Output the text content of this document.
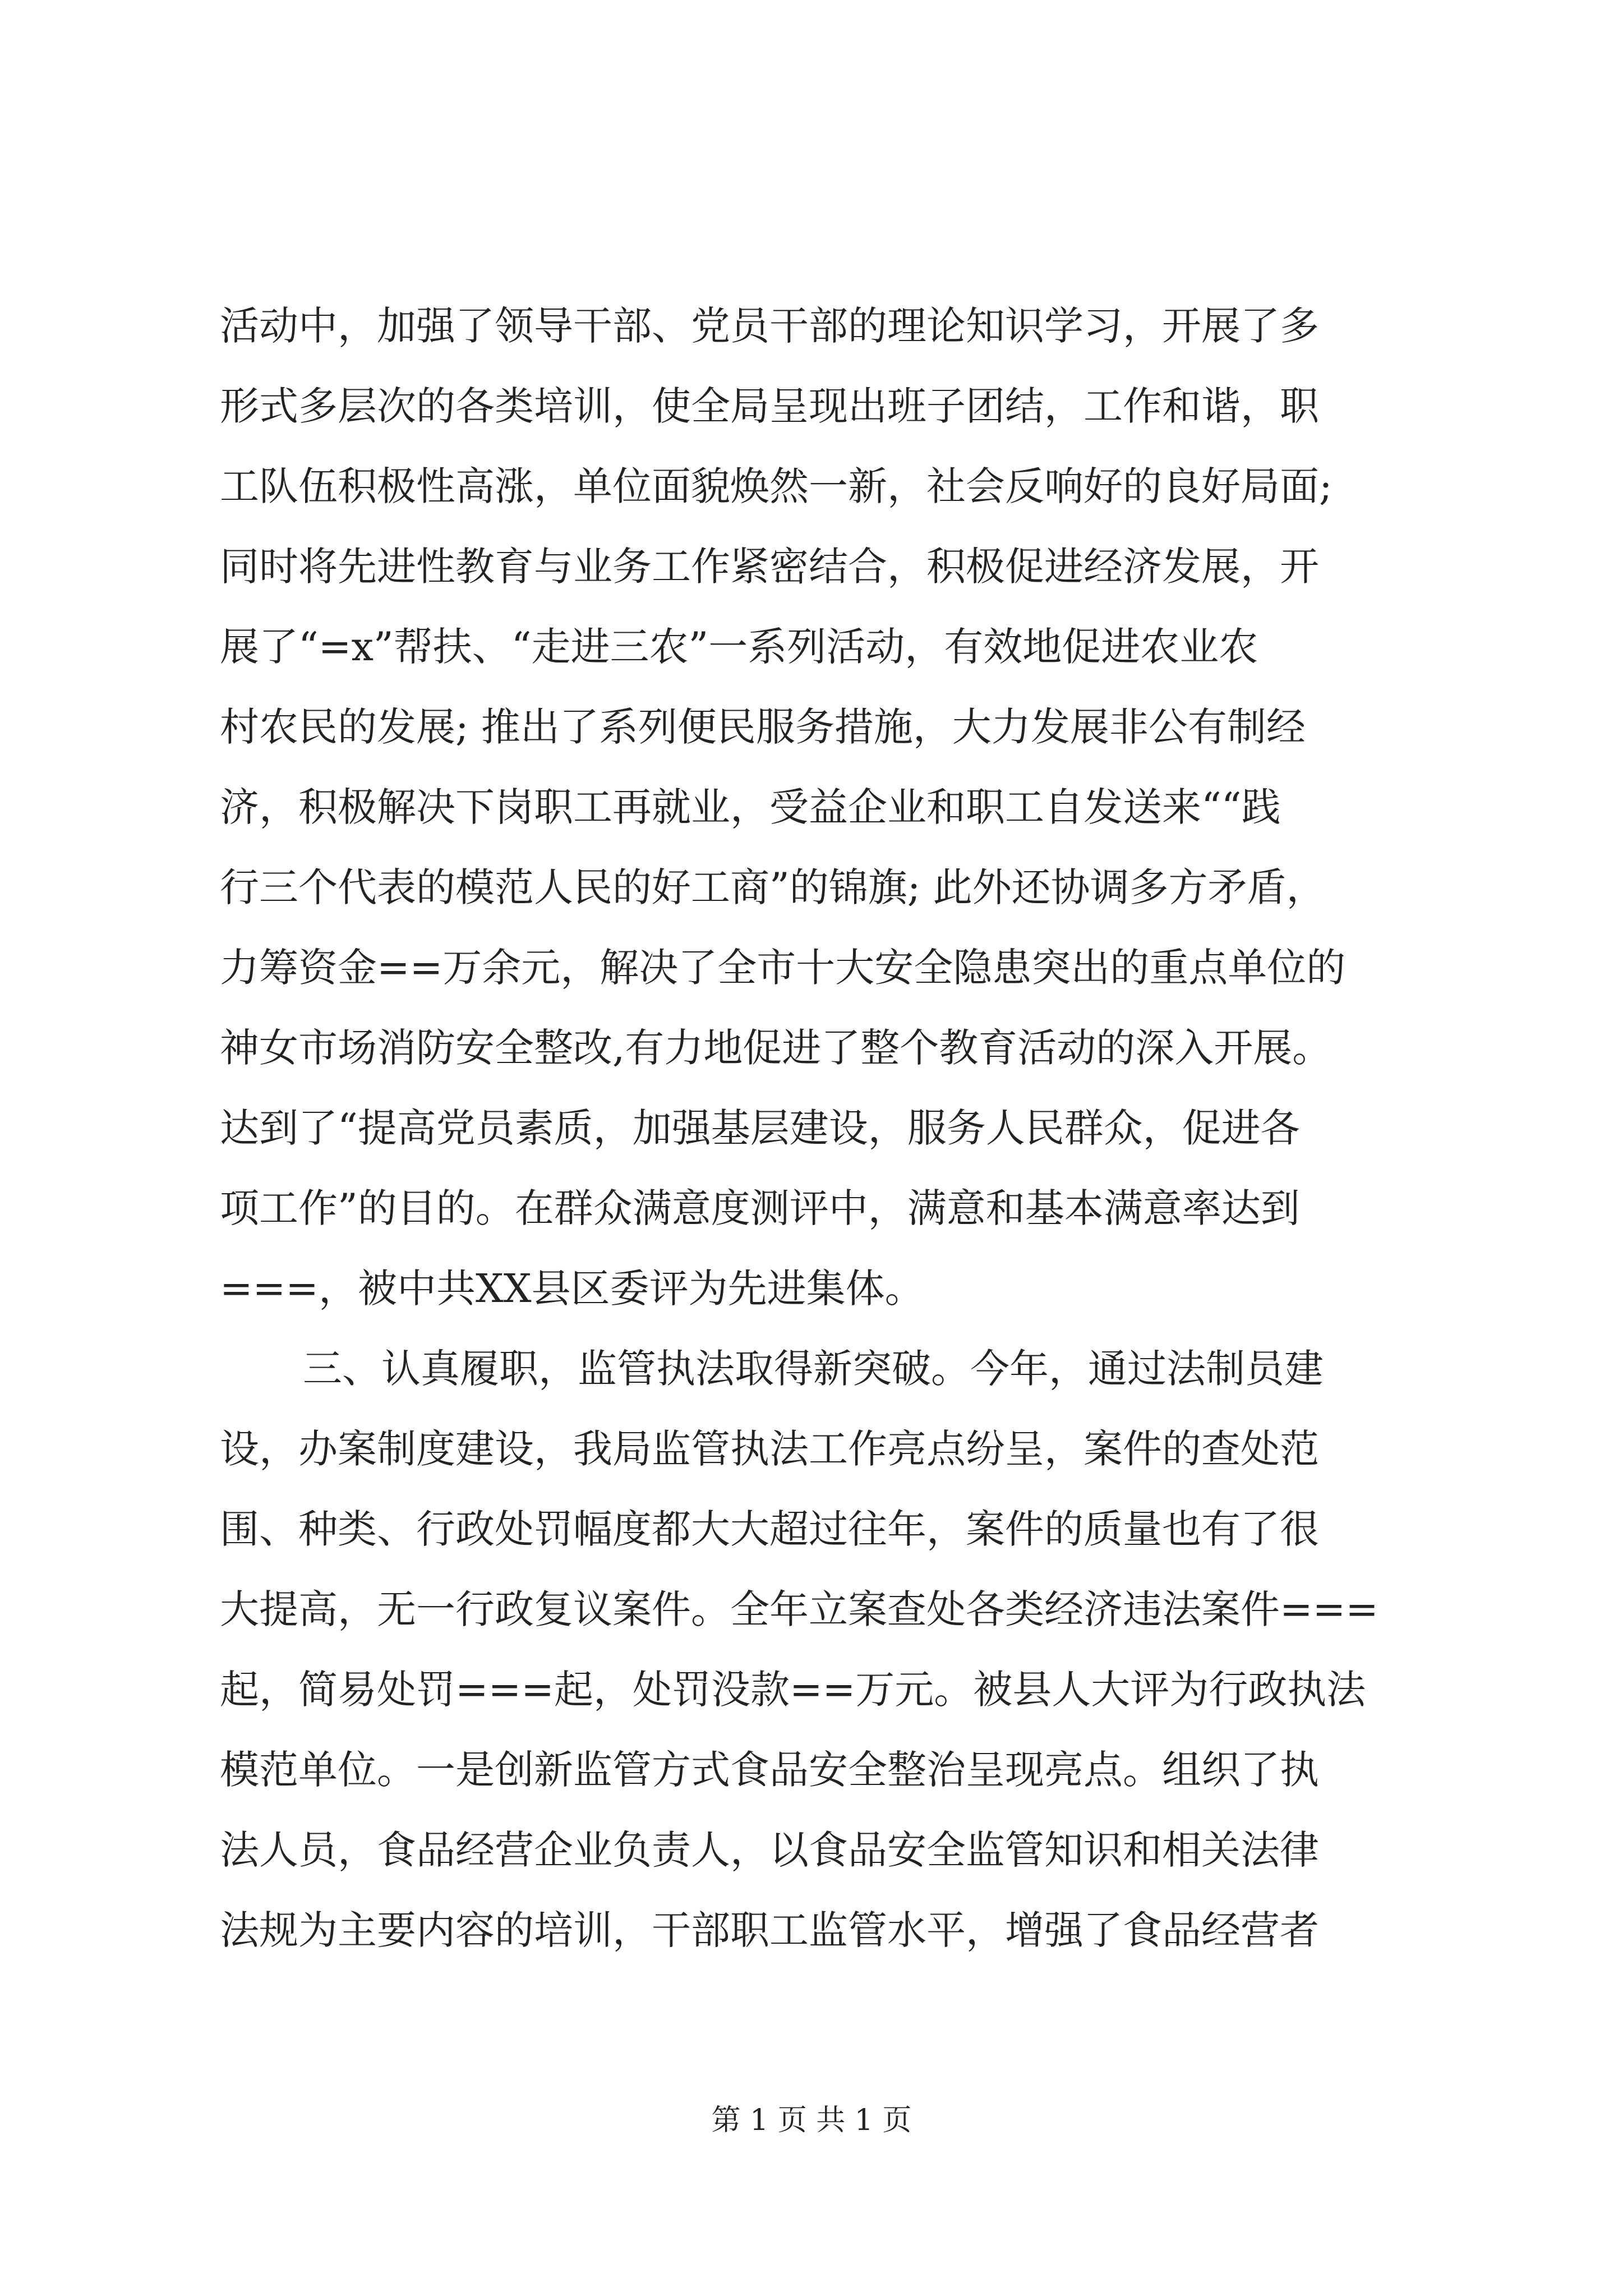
活动中，加强了领导干部、党员干部的理论知识学习，开展了多
形式多层次的各类培训，使全局呈现出班子团结，工作和谐，职
工队伍积极性高涨，单位面貌焕然一新，社会反响好的良好局面;
同时将先进性教育与业务工作紧密结合，积极促进经济发展，开
展了“=x”帮扶、“走进三农”一系列活动，有效地促进农业农
村农民的发展; 推出了系列便民服务措施，大力发展非公有制经
济，积极解决下岗职工再就业，受益企业和职工自发送来““践
行三个代表的模范人民的好工商”的锦旗; 此外还协调多方矛盾，
力筹资金==万余元，解决了全市十大安全隐患突出的重点单位的
神女市场消防安全整改,有力地促进了整个教育活动的深入开展。
达到了“提高党员素质，加强基层建设，服务人民群众，促进各
项工作”的目的。在群众满意度测评中，满意和基本满意率达到
===，被中共XX县区委评为先进集体。
三、认真履职，监管执法取得新突破。今年，通过法制员建
设，办案制度建设，我局监管执法工作亮点纷呈，案件的查处范
围、种类、行政处罚幅度都大大超过往年，案件的质量也有了很
大提高，无一行政复议案件。全年立案查处各类经济违法案件===
起，简易处罚===起，处罚没款==万元。被县人大评为行政执法
模范单位。一是创新监管方式食品安全整治呈现亮点。组织了执
法人员，食品经营企业负责人，以食品安全监管知识和相关法律
法规为主要内容的培训，干部职工监管水平，增强了食品经营者
第 1 页 共 1 页
